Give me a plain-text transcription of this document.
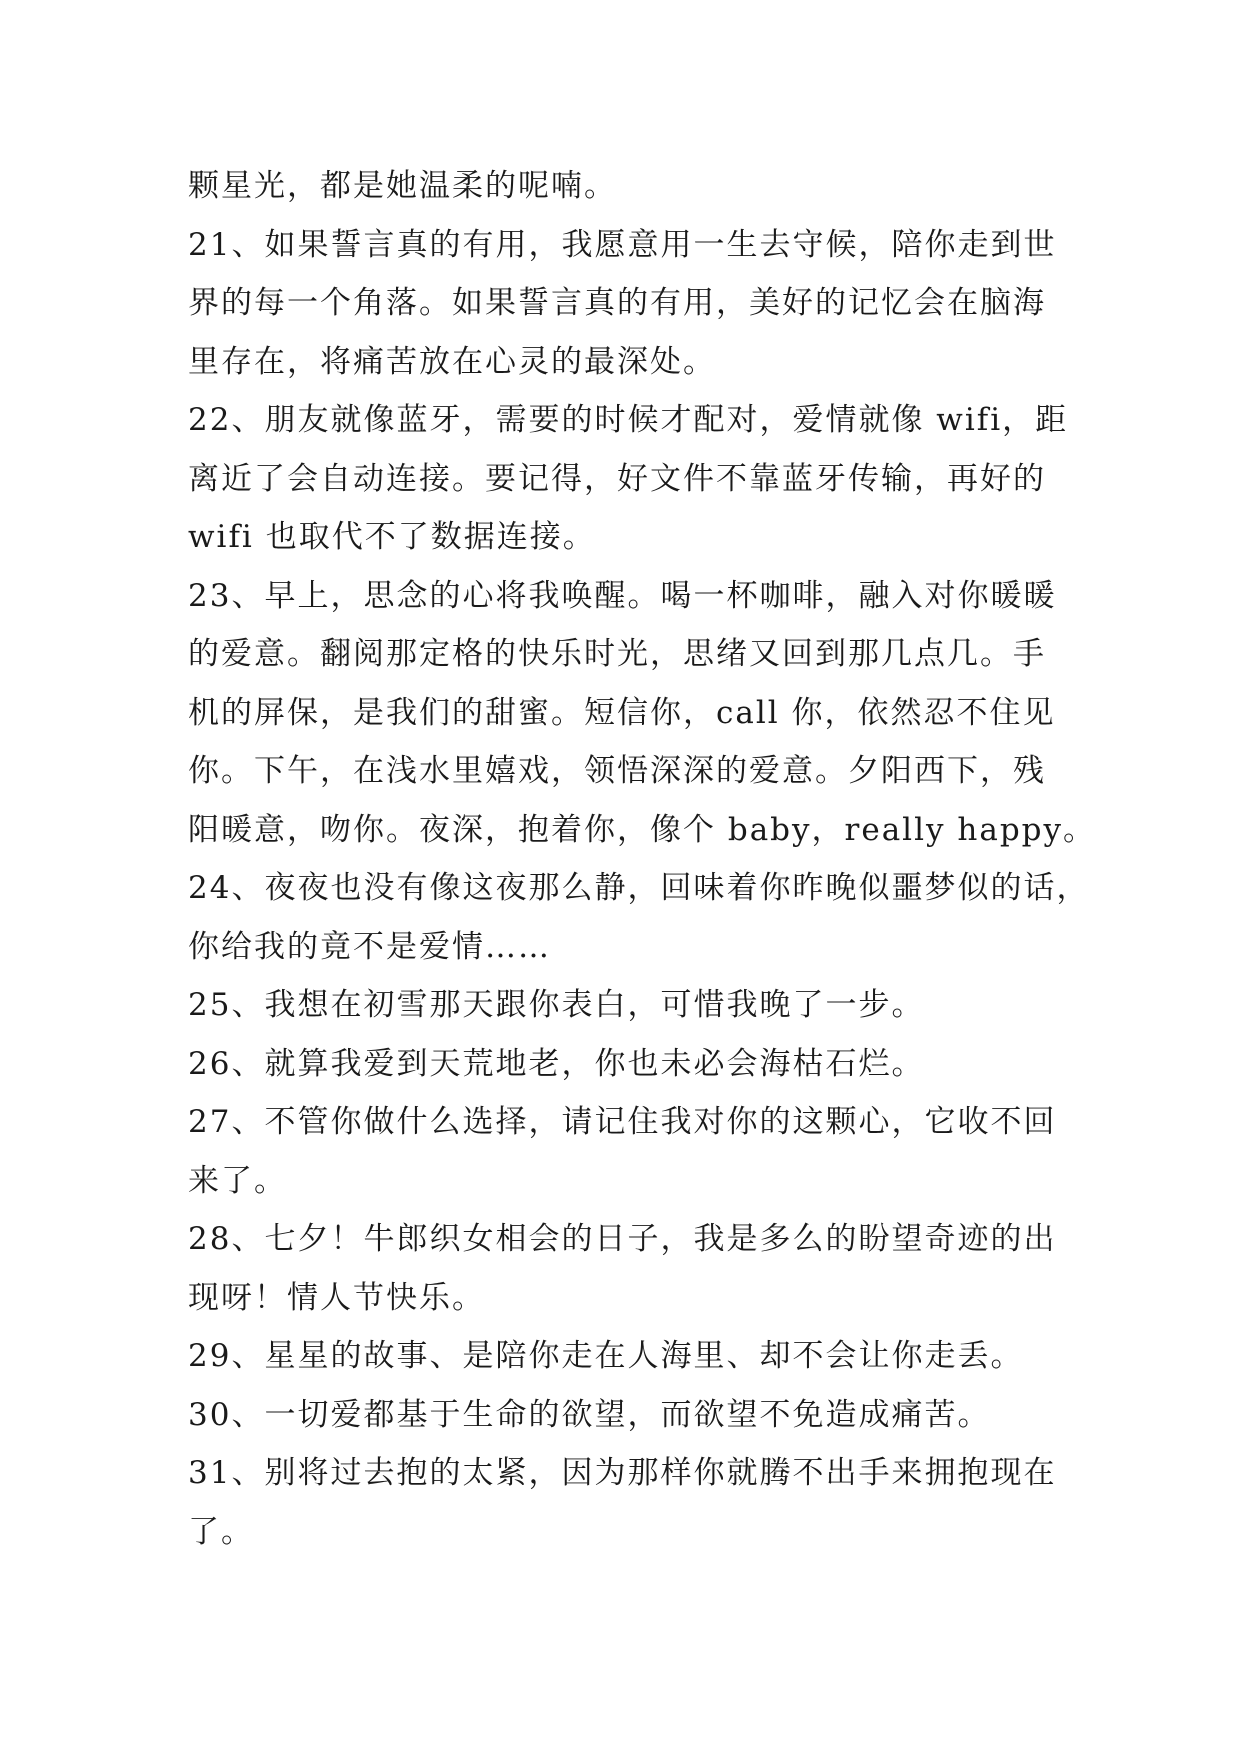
颗星光，都是她温柔的呢喃。
21、如果誓言真的有用，我愿意用一生去守候，陪你走到世
界的每一个角落。如果誓言真的有用，美好的记忆会在脑海
里存在，将痛苦放在心灵的最深处。
22、朋友就像蓝牙，需要的时候才配对，爱情就像 wifi，距
离近了会自动连接。要记得，好文件不靠蓝牙传输，再好的
wifi 也取代不了数据连接。
23、早上，思念的心将我唤醒。喝一杯咖啡，融入对你暖暖
的爱意。翻阅那定格的快乐时光，思绪又回到那几点几。手
机的屏保，是我们的甜蜜。短信你，call 你，依然忍不住见
你。下午，在浅水里嬉戏，领悟深深的爱意。夕阳西下，残
阳暖意，吻你。夜深，抱着你，像个 baby，really happy。
24、夜夜也没有像这夜那么静，回味着你昨晚似噩梦似的话，
你给我的竟不是爱情……
25、我想在初雪那天跟你表白，可惜我晚了一步。
26、就算我爱到天荒地老，你也未必会海枯石烂。
27、不管你做什么选择，请记住我对你的这颗心，它收不回
来了。
28、七夕！牛郎织女相会的日子，我是多么的盼望奇迹的出
现呀！情人节快乐。
29、星星的故事、是陪你走在人海里、却不会让你走丢。
30、一切爱都基于生命的欲望，而欲望不免造成痛苦。
31、别将过去抱的太紧，因为那样你就腾不出手来拥抱现在
了。
